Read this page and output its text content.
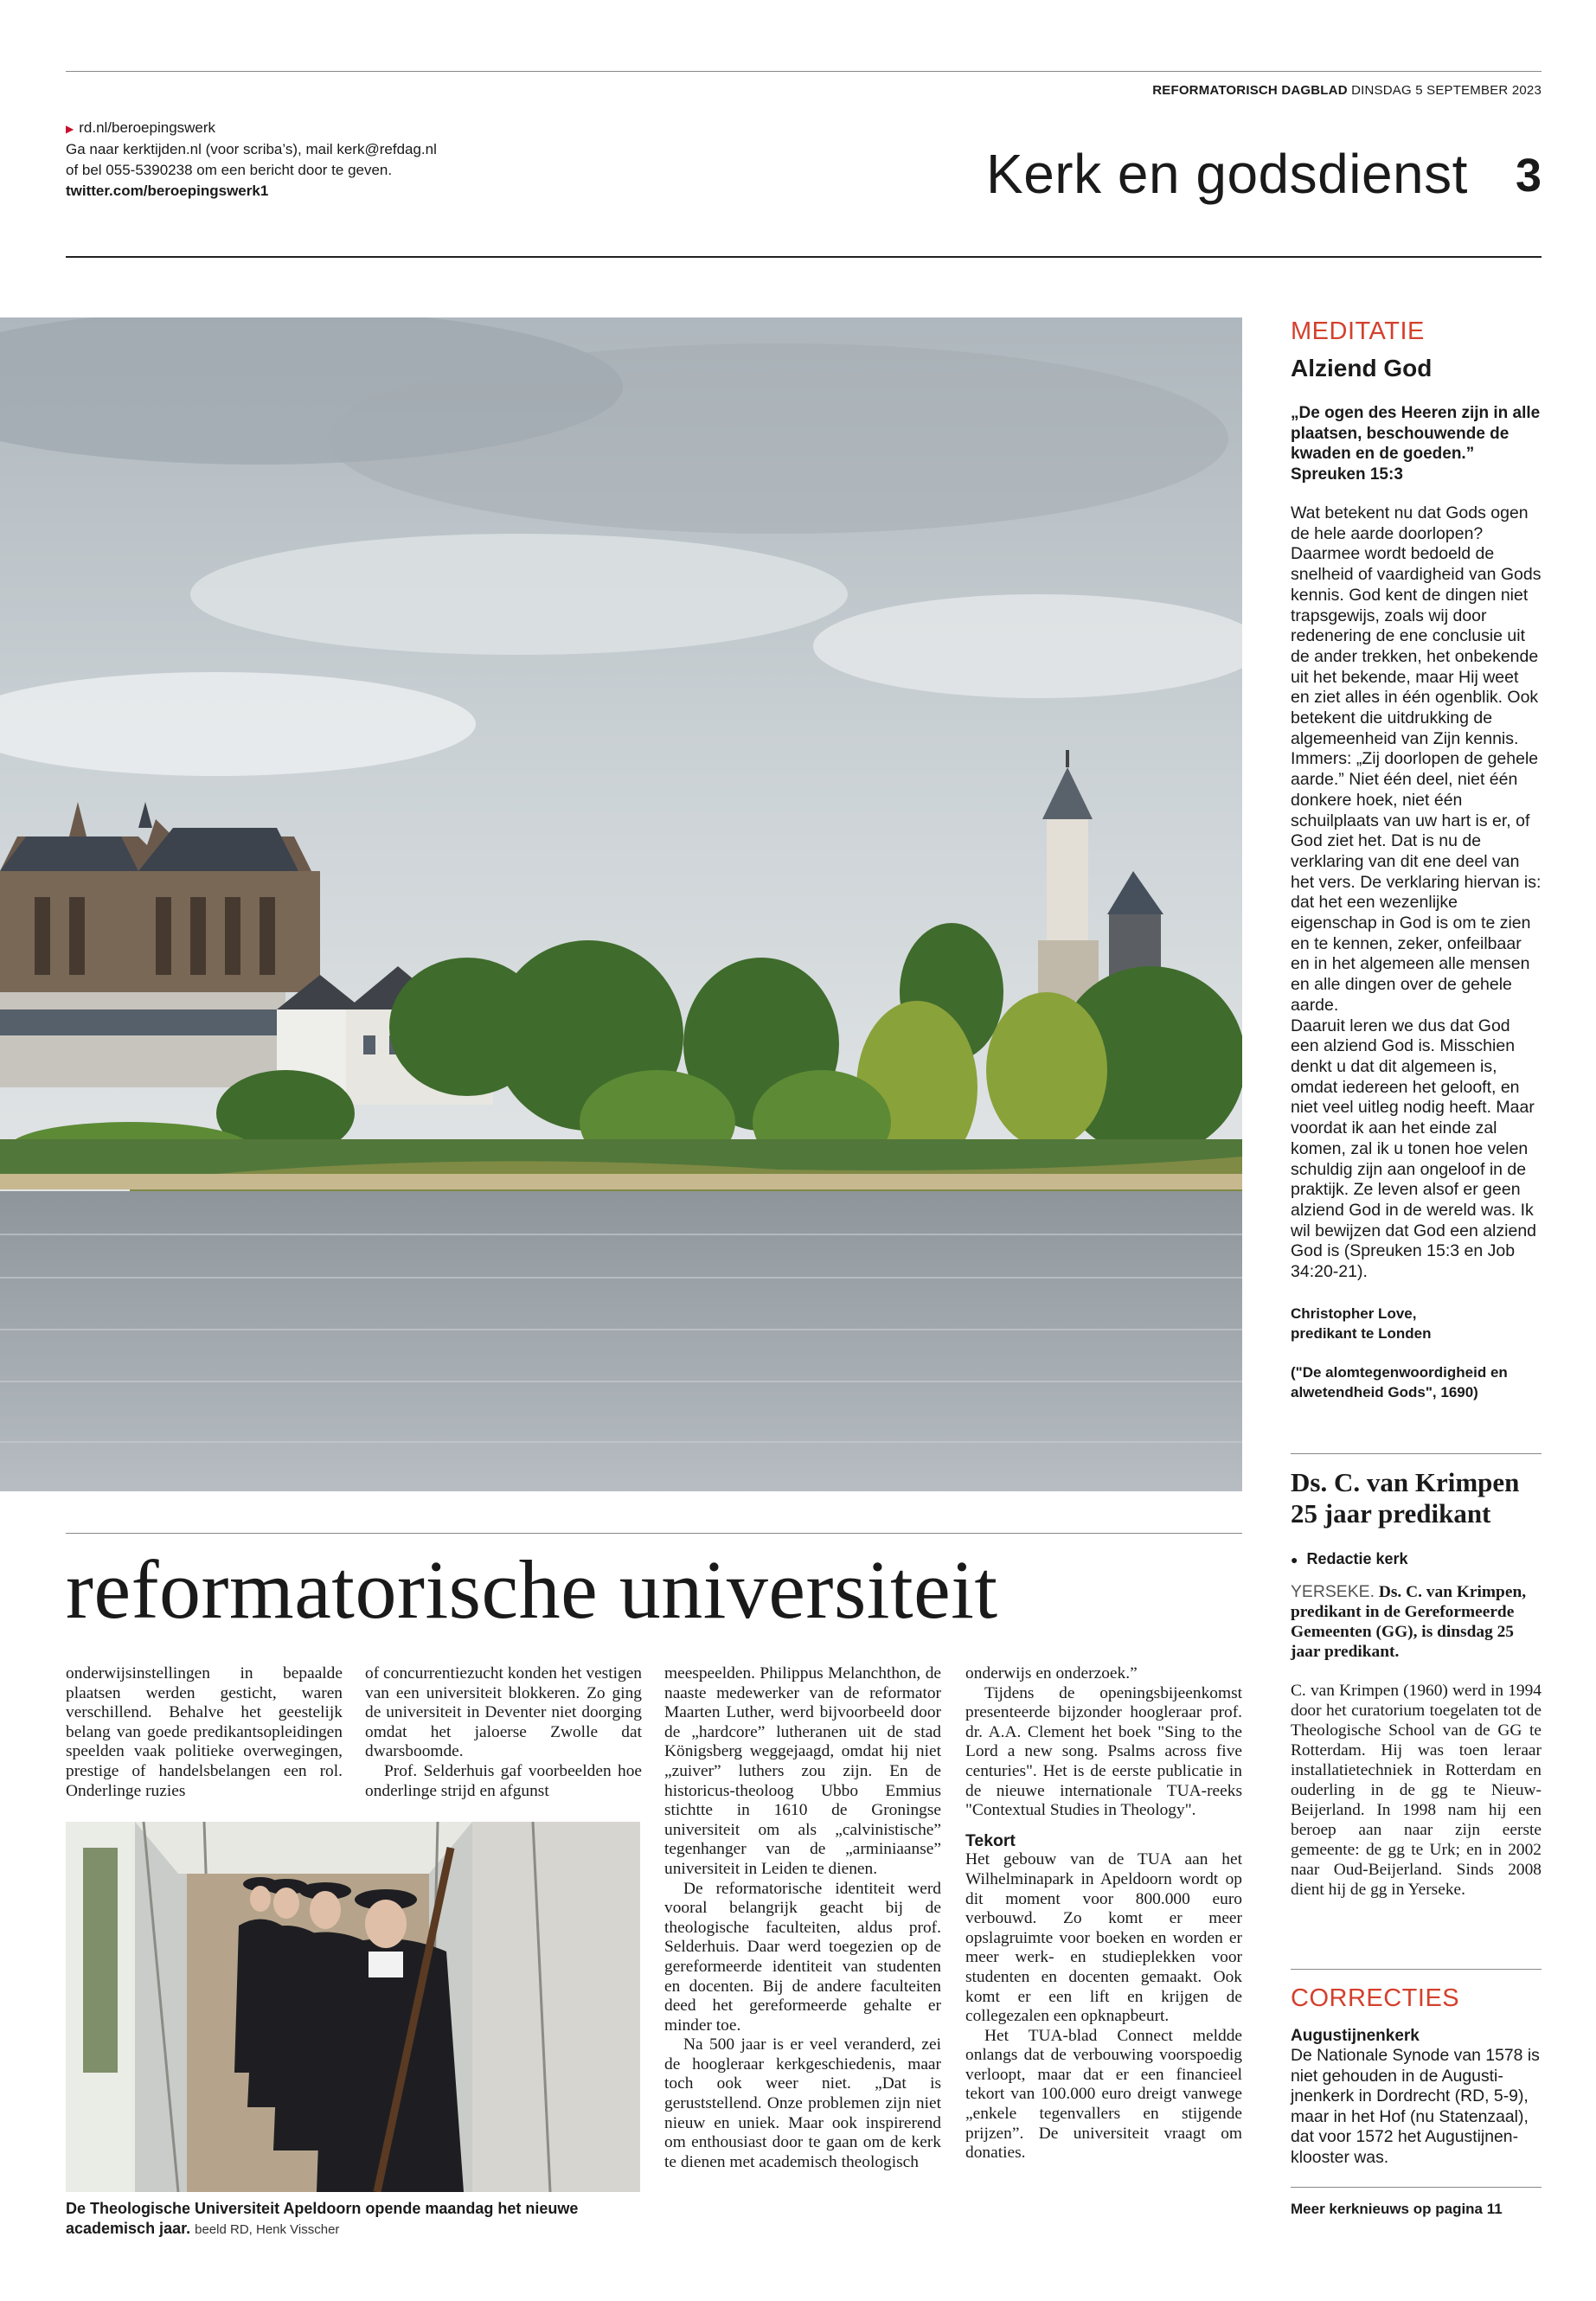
REFORMATORISCH DAGBLAD DINSDAG 5 SEPTEMBER 2023
▶ rd.nl/beroepingswerk
Ga naar kerktijden.nl (voor scriba’s), mail kerk@refdag.nl
of bel 055-5390238 om een bericht door te geven.
twitter.com/beroepingswerk1	Kerk en godsdienst 3
reformatorische universiteit

onderwijsinstellingen in bepaalde plaatsen werden gesticht, waren verschillend. Behalve het geestelijk belang van goede predikantsopleidingen speelden vaak politieke overwegingen, prestige of handelsbelangen een rol. Onderlinge ruzies

of concurrentiezucht konden het vestigen van een universiteit blokkeren. Zo ging de universiteit in Deventer niet doorging omdat het jaloerse Zwolle dat dwarsboomde.

Prof. Selderhuis gaf voorbeelden hoe onderlinge strijd en afgunst

De Theologische Universiteit Apeldoorn opende maandag het nieuwe academisch jaar. beeld RD, Henk Visscher

meespeelden. Philippus Melanchthon, de naaste medewerker van de reformator Maarten Luther, werd bijvoorbeeld door de „hardcore” lutheranen uit de stad Königsberg weggejaagd, omdat hij niet „zuiver” luthers zou zijn. En de historicus-theoloog Ubbo Emmius stichtte in 1610 de Groningse universiteit om als „calvinistische” tegenhanger van de „arminiaanse” universiteit in Leiden te dienen.

De reformatorische identiteit werd vooral belangrijk geacht bij de theologische faculteiten, aldus prof. Selderhuis. Daar werd toegezien op de gereformeerde identiteit van studenten en docenten. Bij de andere faculteiten deed het gereformeerde gehalte er minder toe.

Na 500 jaar is er veel veranderd, zei de hoogleraar kerkgeschiedenis, maar toch ook weer niet. „Dat is geruststellend. Onze problemen zijn niet nieuw en uniek. Maar ook inspirerend om enthousiast door te gaan om de kerk te dienen met academisch theologisch

onderwijs en onderzoek.”

Tijdens de openingsbijeenkomst presenteerde bijzonder hoogleraar prof. dr. A.A. Clement het boek "Sing to the Lord a new song. Psalms across five centuries". Het is de eerste publicatie in de nieuwe internationale TUA-reeks "Contextual Studies in Theology".

Tekort

Het gebouw van de TUA aan het Wilhelminapark in Apeldoorn wordt op dit moment voor 800.000 euro verbouwd. Zo komt er meer opslagruimte voor boeken en worden er meer werk- en studieplekken voor studenten en docenten gemaakt. Ook komt er een lift en krijgen de collegezalen een opknapbeurt.

Het TUA-blad Connect meldde onlangs dat de verbouwing voorspoedig verloopt, maar dat er een financieel tekort van 100.000 euro dreigt vanwege „enkele tegenvallers en stijgende prijzen”. De universiteit vraagt om donaties.

MEDITATIE
Alziend God
„De ogen des Heeren zijn in alle plaatsen, beschouwende de kwaden en de goeden.” Spreuken 15:3

Wat betekent nu dat Gods ogen de hele aarde doorlopen? Daarmee wordt bedoeld de snelheid of vaardigheid van Gods kennis. God kent de dingen niet trapsgewijs, zoals wij door redenering de ene conclusie uit de ander trekken, het onbekende uit het bekende, maar Hij weet en ziet alles in één ogenblik. Ook betekent die uitdrukking de algemeenheid van Zijn kennis. Immers: „Zij doorlopen de gehele aarde.” Niet één deel, niet één donkere hoek, niet één schuilplaats van uw hart is er, of God ziet het. Dat is nu de verklaring van dit ene deel van het vers. De verklaring hiervan is: dat het een wezenlijke eigenschap in God is om te zien en te kennen, zeker, onfeilbaar en in het algemeen alle mensen en alle dingen over de gehele aarde.

Daaruit leren we dus dat God een alziend God is. Misschien denkt u dat dit algemeen is, omdat iedereen het gelooft, en niet veel uitleg nodig heeft. Maar voordat ik aan het einde zal komen, zal ik u tonen hoe velen schuldig zijn aan ongeloof in de praktijk. Ze leven alsof er geen alziend God in de wereld was. Ik wil bewijzen dat God een alziend God is (Spreuken 15:3 en Job 34:20-21).

Christopher Love,
predikant te Londen
("De alomtegenwoordigheid en alwetendheid Gods", 1690)
Ds. C. van Krimpen 25 jaar predikant
● Redactie kerk
YERSEKE. Ds. C. van Krimpen, predikant in de Gereformeerde Gemeenten (GG), is dinsdag 25 jaar predikant.
C. van Krimpen (1960) werd in 1994 door het curatorium toegelaten tot de Theologische School van de GG te Rotterdam. Hij was toen leraar installatietechniek in Rotterdam en ouderling in de gg te Nieuw-Beijerland. In 1998 nam hij een beroep aan naar zijn eerste gemeente: de gg te Urk; en in 2002 naar Oud-Beijerland. Sinds 2008 dient hij de gg in Yerseke.
CORRECTIES
Augustijnenkerk
De Nationale Synode van 1578 is niet gehouden in de Augustijnenkerk in Dordrecht (RD, 5-9), maar in het Hof (nu Statenzaal), dat voor 1572 het Augustijnenklooster was.
Meer kerknieuws op pagina 11
